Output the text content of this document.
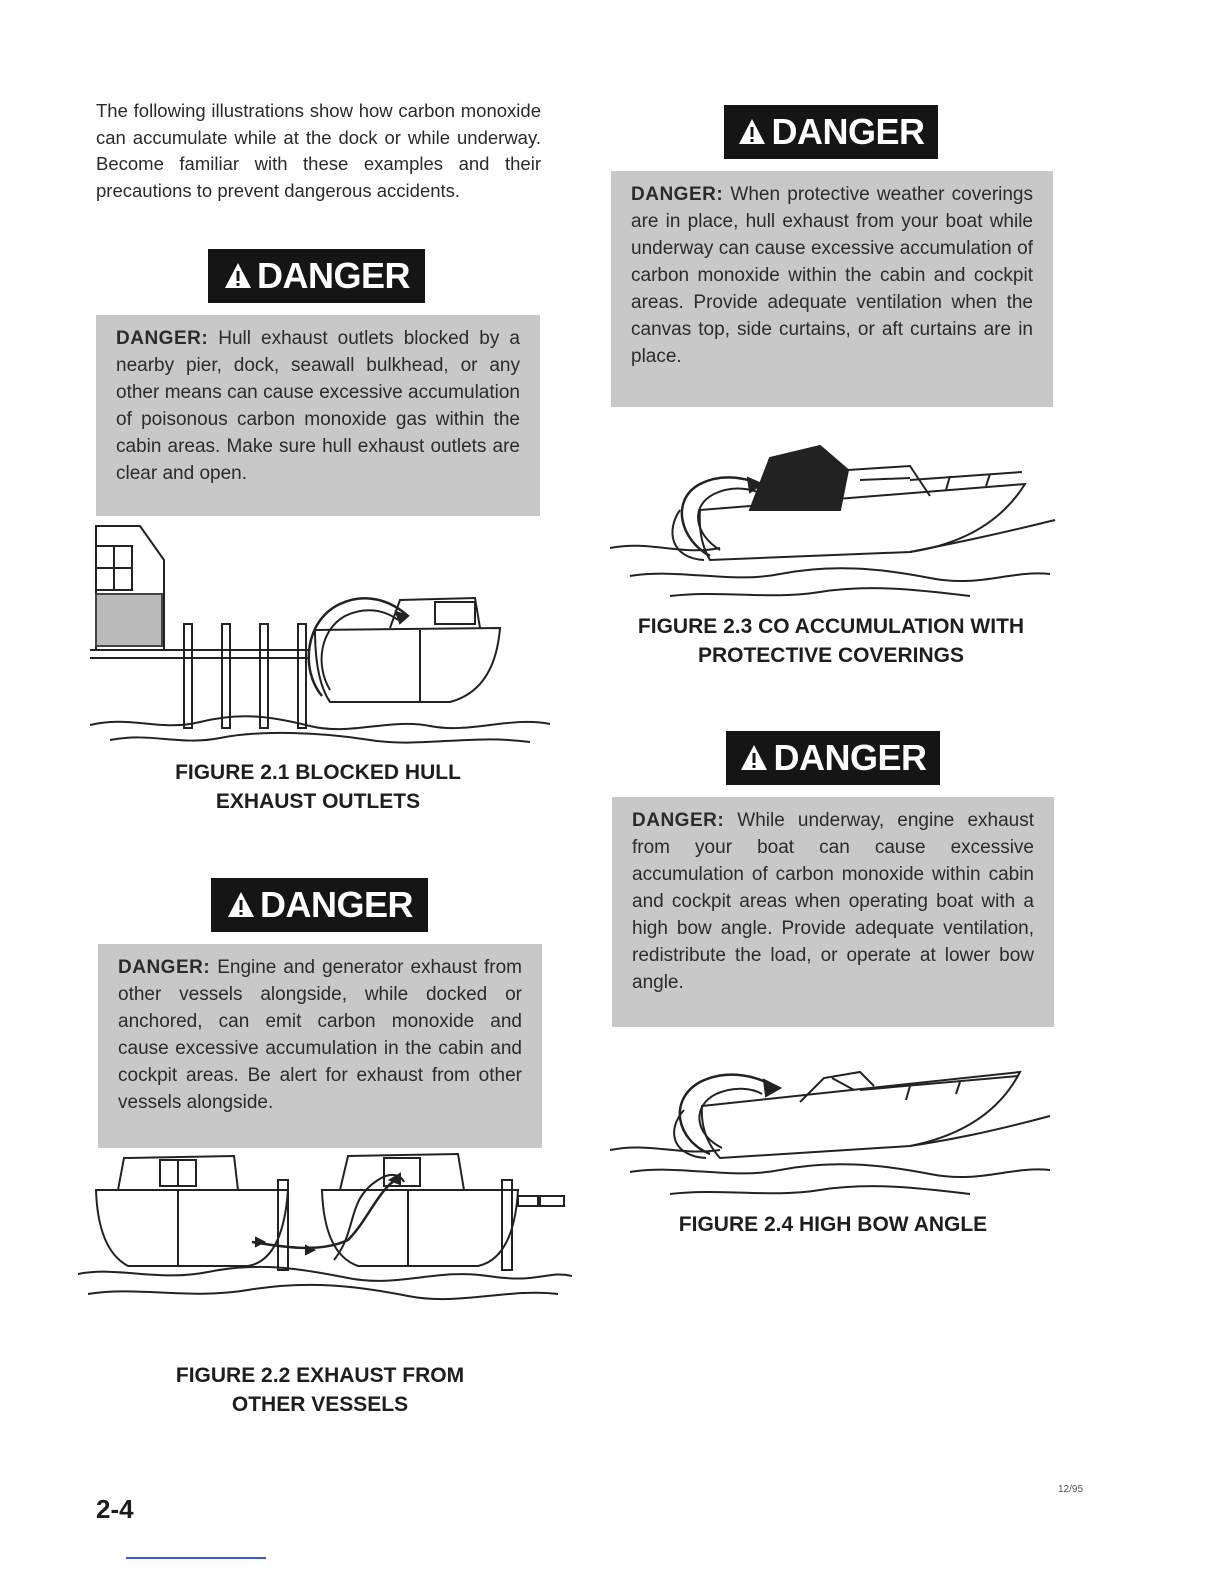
The following illustrations show how carbon monoxide can accumulate while at the dock or while underway. Become familiar with these examples and their precautions to prevent dangerous accidents.
DANGER
DANGER: Hull exhaust outlets blocked by a nearby pier, dock, seawall bulkhead, or any other means can cause excessive accumulation of poisonous carbon monoxide gas within the cabin areas. Make sure hull exhaust outlets are clear and open.
FIGURE 2.1 BLOCKED HULL
EXHAUST OUTLETS
DANGER
DANGER: Engine and generator exhaust from other vessels alongside, while docked or anchored, can emit carbon monoxide and cause excessive accumulation in the cabin and cockpit areas. Be alert for exhaust from other vessels alongside.
FIGURE 2.2 EXHAUST FROM
OTHER VESSELS
DANGER
DANGER: When protective weather coverings are in place, hull exhaust from your boat while underway can cause excessive accumulation of carbon monoxide within the cabin and cockpit areas. Provide adequate ventilation when the canvas top, side curtains, or aft curtains are in place.
FIGURE 2.3 CO ACCUMULATION WITH
PROTECTIVE COVERINGS
DANGER
DANGER: While underway, engine exhaust from your boat can cause excessive accumulation of carbon monoxide within cabin and cockpit areas when operating boat with a high bow angle. Provide adequate ventilation, redistribute the load, or operate at lower bow angle.
FIGURE 2.4 HIGH BOW ANGLE
2-4
12/95
